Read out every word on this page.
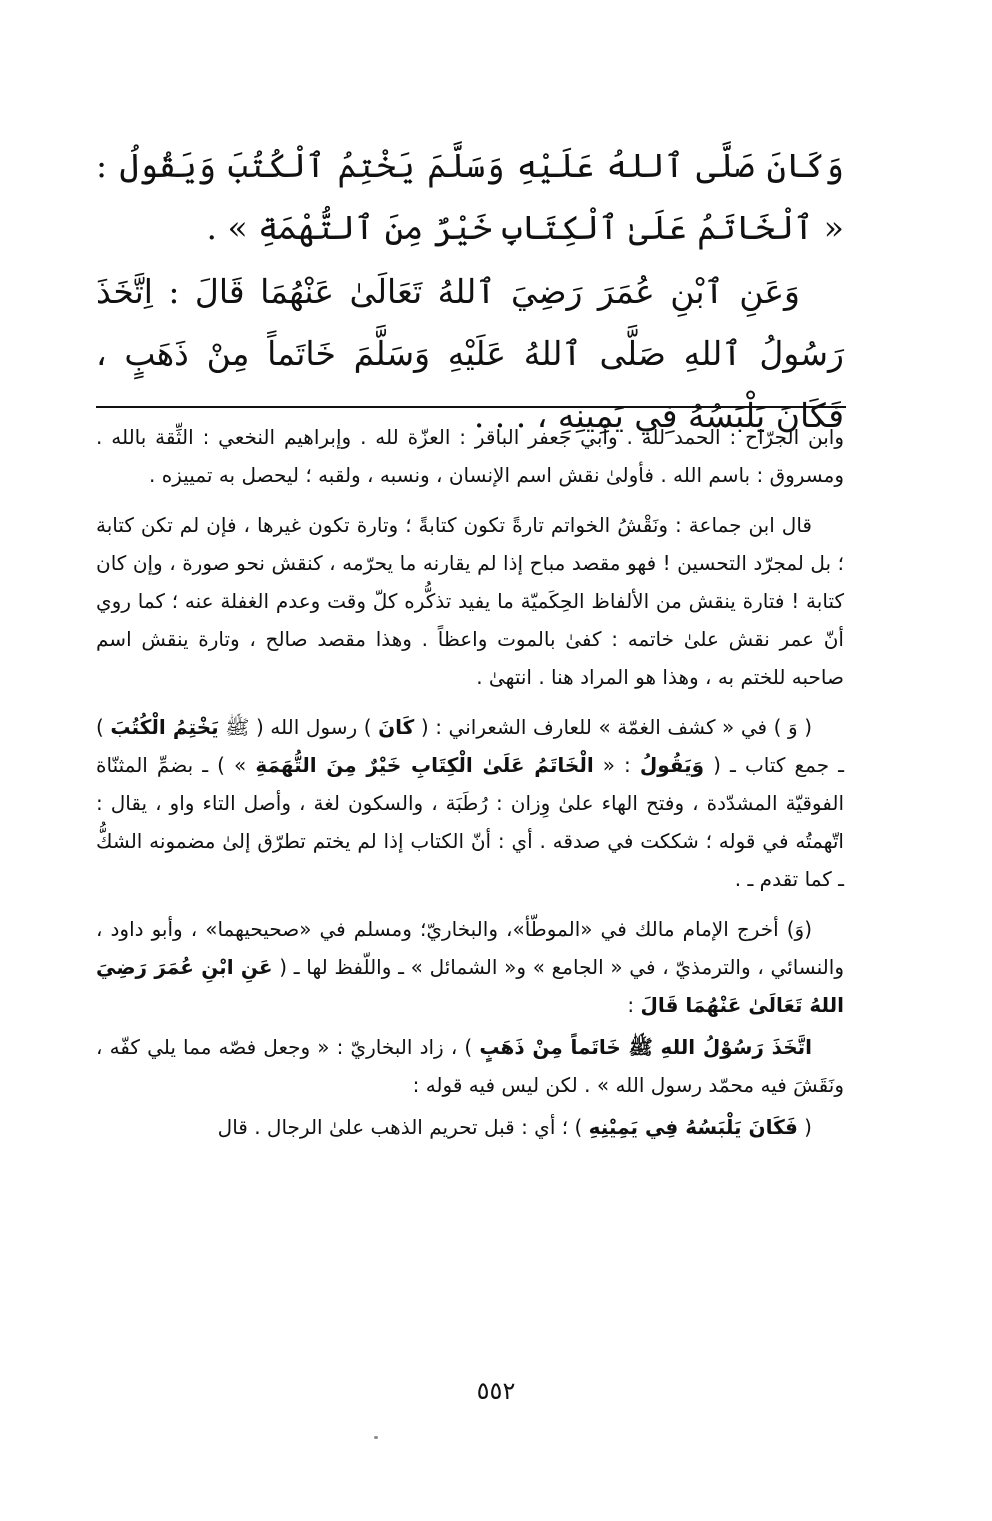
وَكَانَ صَلَّى ٱللهُ عَلَيْهِ وَسَلَّمَ يَخْتِمُ ٱلْكُتُبَ وَيَقُولُ : « ٱلْخَاتَمُ عَلَىٰ ٱلْكِتَابِ خَيْرٌ مِنَ ٱلتُّهْمَةِ » .

وَعَنِ ٱبْنِ عُمَرَ رَضِيَ ٱللهُ تَعَالَىٰ عَنْهُمَا قَالَ : اِتَّخَذَ رَسُولُ ٱللهِ صَلَّى ٱللهُ عَلَيْهِ وَسَلَّمَ خَاتَماً مِنْ ذَهَبٍ ، فَكَانَ يَلْبَسُهُ فِي يَمِينِهِ ، . . .

وابن الجرّاح : الحمد لله . وأبي جعفر الباقر : العزّة لله . وإبراهيم النخعي : الثِّقة بالله . ومسروق : باسم الله . فأولىٰ نقش اسم الإنسان ، ونسبه ، ولقبه ؛ ليحصل به تمييزه .

قال ابن جماعة : ونَقْشُ الخواتم تارةً تكون كتابةً ؛ وتارة تكون غيرها ، فإن لم تكن كتابة ؛ بل لمجرّد التحسين ! فهو مقصد مباح إذا لم يقارنه ما يحرّمه ، كنقش نحو صورة ، وإن كان كتابة ! فتارة ينقش من الألفاظ الحِكَميّة ما يفيد تذكُّره كلّ وقت وعدم الغفلة عنه ؛ كما روي أنّ عمر نقش علىٰ خاتمه : كفىٰ بالموت واعظاً . وهذا مقصد صالح ، وتارة ينقش اسم صاحبه للختم به ، وهذا هو المراد هنا . انتهىٰ .

( وَ ) في « كشف الغمّة » للعارف الشعراني : ( كَانَ ) رسول الله ( ﷺ يَخْتِمُ الْكُتُبَ ) ـ جمع كتاب ـ ( وَيَقُولُ : « الْخَاتَمُ عَلَىٰ الْكِتَابِ خَيْرٌ مِنَ التُّهَمَةِ » ) ـ بضمِّ المثنّاة الفوقيّة المشدّدة ، وفتح الهاء علىٰ وِزان : رُطَبَة ، والسكون لغة ، وأصل التاء واو ، يقال : اتّهمتُه في قوله ؛ شككت في صدقه . أي : أنّ الكتاب إذا لم يختم تطرّق إلىٰ مضمونه الشكُّ ـ كما تقدم ـ .

(وَ) أخرج الإمام مالك في «الموطّأ»، والبخاريّ؛ ومسلم في «صحيحيهما» ، وأبو داود ، والنسائي ، والترمذيّ ، في « الجامع » و« الشمائل » ـ واللّفظ لها ـ ( عَنِ ابْنِ عُمَرَ رَضِيَ اللهُ تَعَالَىٰ عَنْهُمَا قَالَ :

اتَّخَذَ رَسُوْلُ اللهِ ﷺ خَاتَماً مِنْ ذَهَبٍ ) ، زاد البخاريّ : « وجعل فصّه مما يلي كفّه ، ونَقَشَ فيه محمّد رسول الله » . لكن ليس فيه قوله :

( فَكَانَ يَلْبَسُهُ فِي يَمِيْنِهِ ) ؛ أي : قبل تحريم الذهب علىٰ الرجال . قال

٥٥٢
